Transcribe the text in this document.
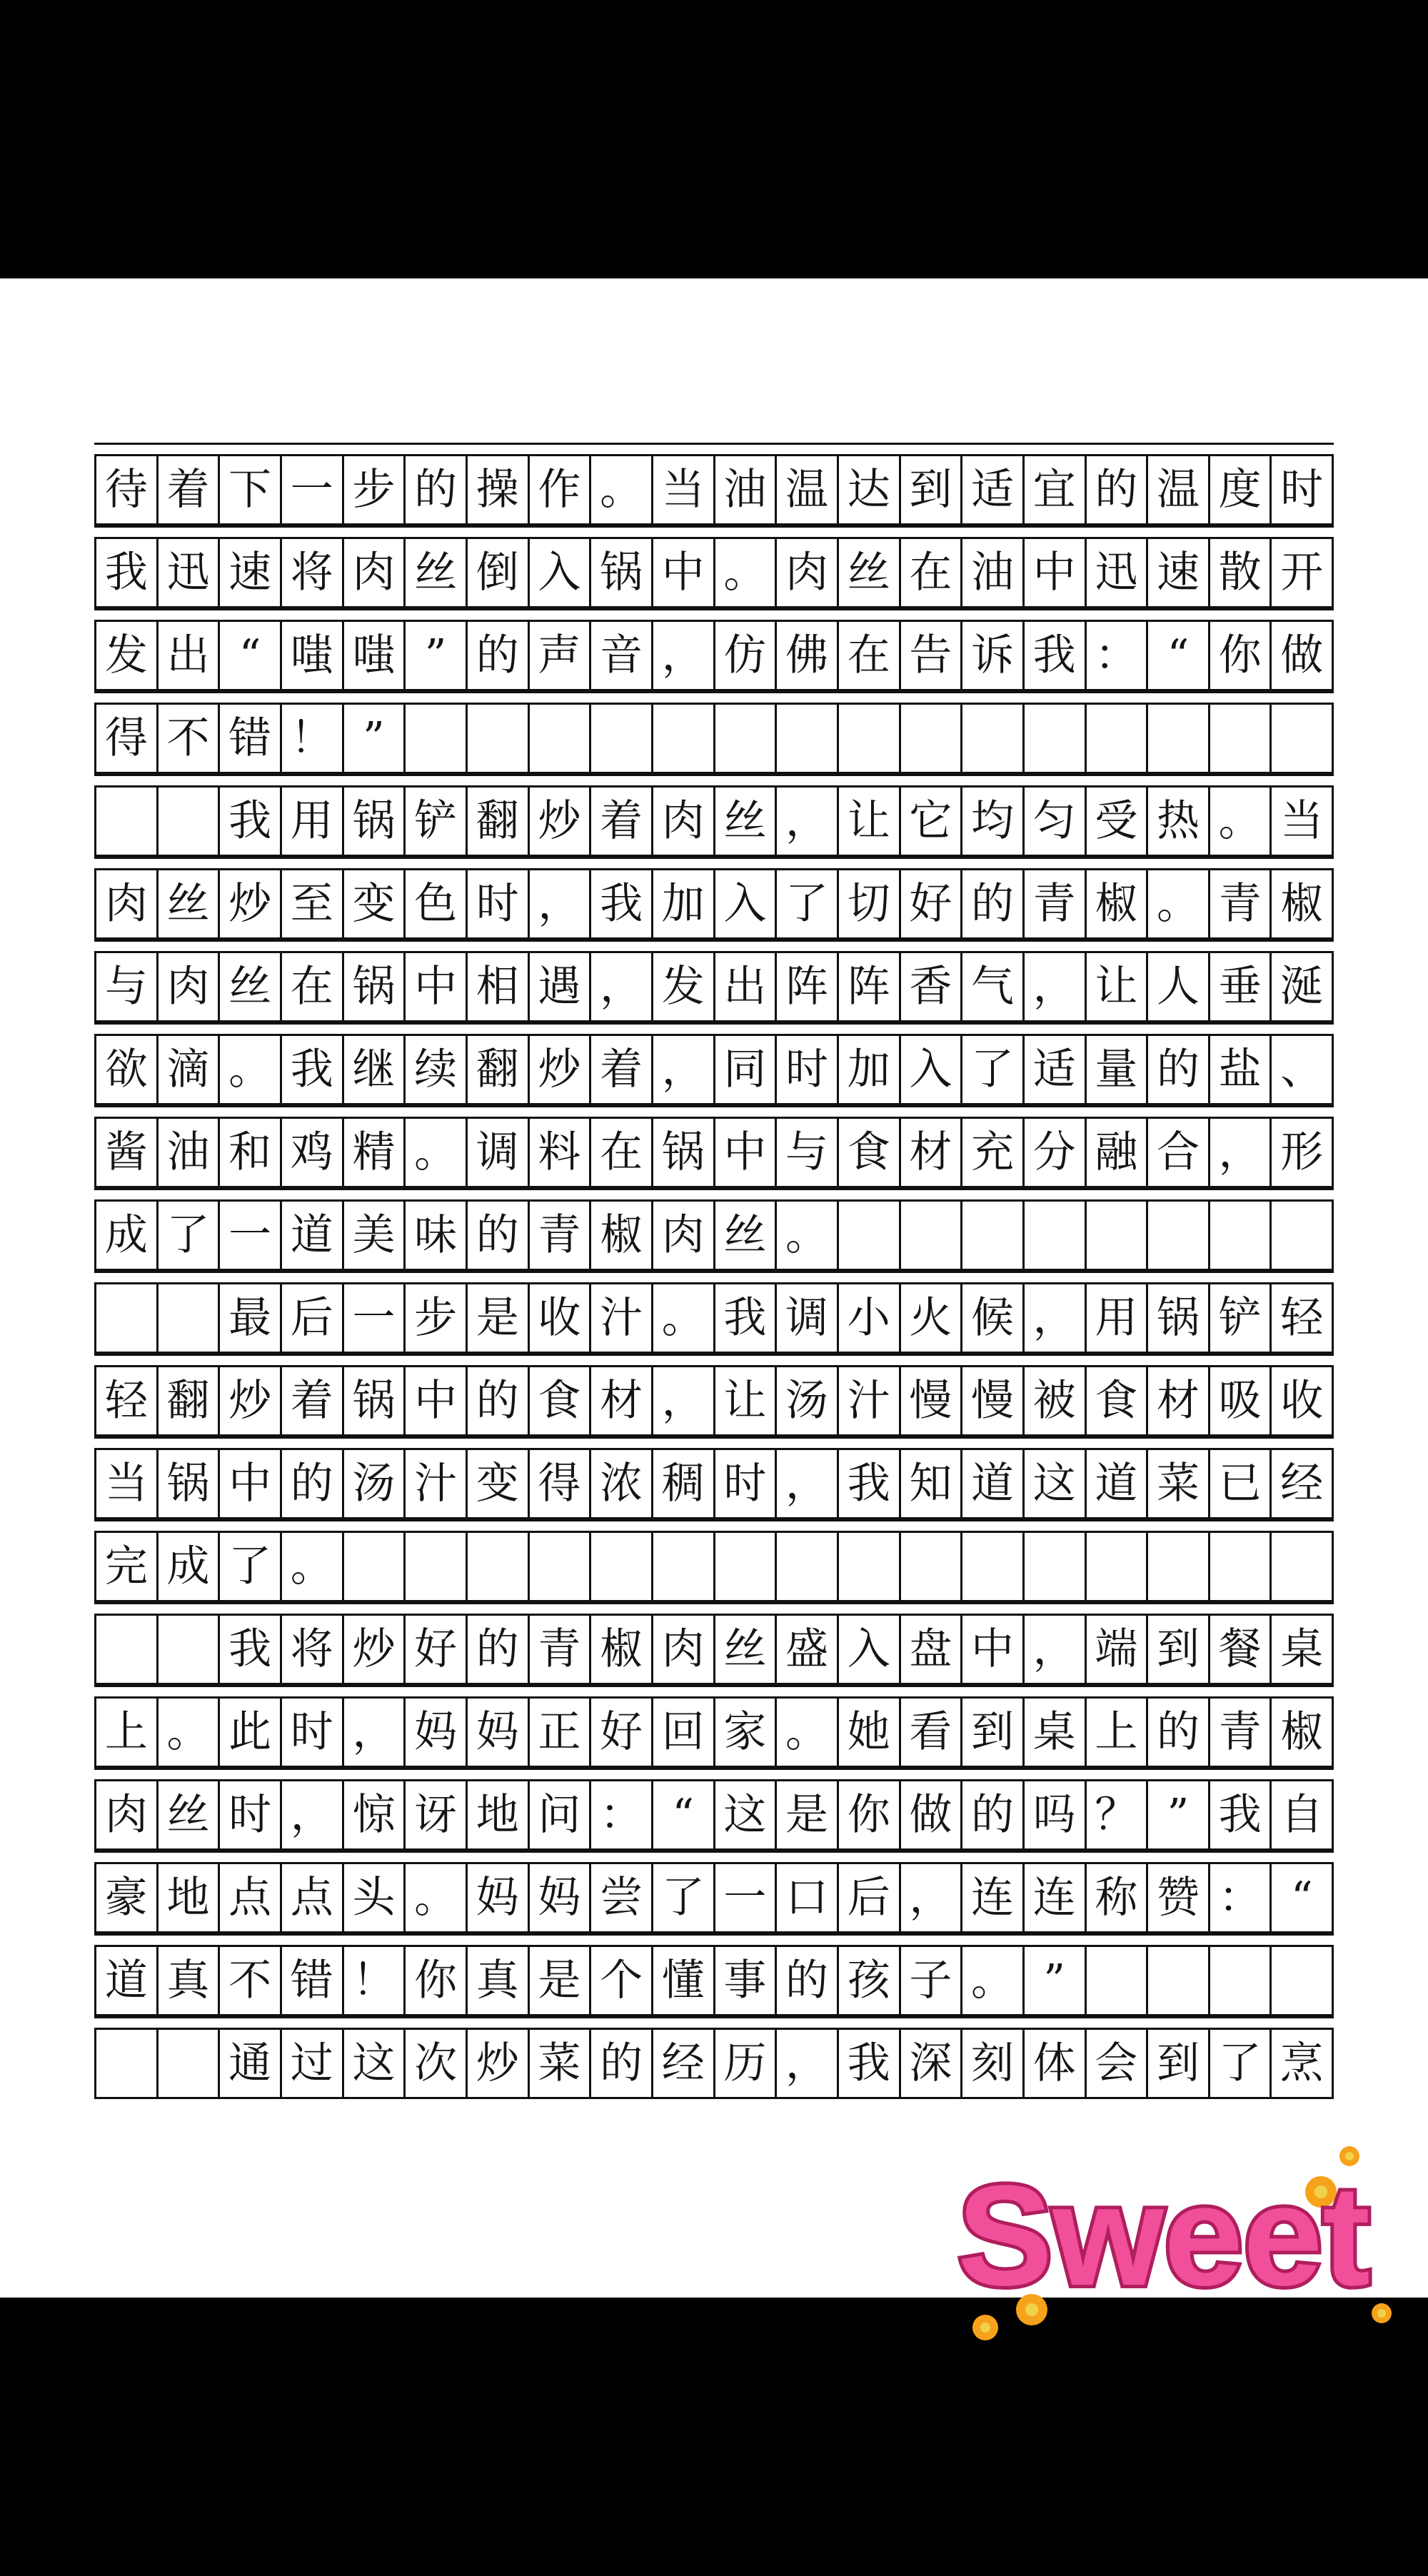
待 着 下 一 步 的 操 作 。 当 油 温 达 到 适 宜 的 温 度 时
我 迅 速 将 肉 丝 倒 入 锅 中 。 肉 丝 在 油 中 迅 速 散 开
发 出 “ 嗤 嗤 ” 的 声 音 ， 仿 佛 在 告 诉 我 ： “ 你 做
得 不 错 ！ ”
我 用 锅 铲 翻 炒 着 肉 丝 ， 让 它 均 匀 受 热 。 当
肉 丝 炒 至 变 色 时 ， 我 加 入 了 切 好 的 青 椒 。 青 椒
与 肉 丝 在 锅 中 相 遇 ， 发 出 阵 阵 香 气 ， 让 人 垂 涎
欲 滴 。 我 继 续 翻 炒 着 ， 同 时 加 入 了 适 量 的 盐 、
酱 油 和 鸡 精 。 调 料 在 锅 中 与 食 材 充 分 融 合 ， 形
成 了 一 道 美 味 的 青 椒 肉 丝 。
最 后 一 步 是 收 汁 。 我 调 小 火 候 ， 用 锅 铲 轻
轻 翻 炒 着 锅 中 的 食 材 ， 让 汤 汁 慢 慢 被 食 材 吸 收
当 锅 中 的 汤 汁 变 得 浓 稠 时 ， 我 知 道 这 道 菜 已 经
完 成 了 。
我 将 炒 好 的 青 椒 肉 丝 盛 入 盘 中 ， 端 到 餐 桌
上 。 此 时 ， 妈 妈 正 好 回 家 。 她 看 到 桌 上 的 青 椒
肉 丝 时 ， 惊 讶 地 问 ： “ 这 是 你 做 的 吗 ？ ” 我 自
豪 地 点 点 头 。 妈 妈 尝 了 一 口 后 ， 连 连 称 赞 ： “
道 真 不 错 ！ 你 真 是 个 懂 事 的 孩 子 。 ”
通 过 这 次 炒 菜 的 经 历 ， 我 深 刻 体 会 到 了 烹
Sweet
